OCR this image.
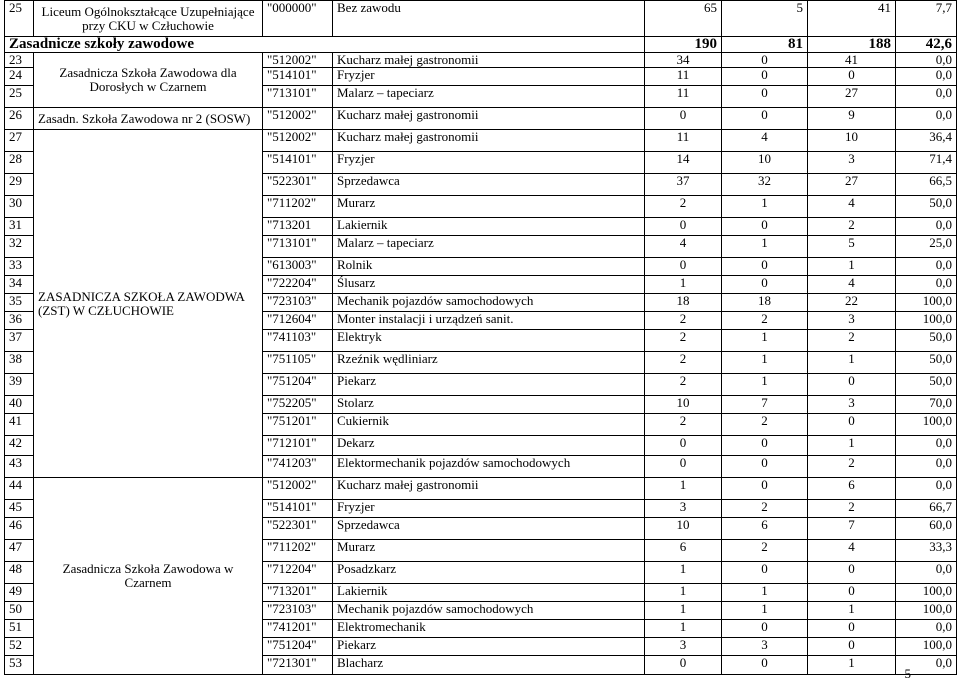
25	Liceum Ogólnokształcące Uzupełniające przy CKU w Człuchowie	"000000"	Bez zawodu	65	5	41	7,7
Zasadnicze szkoły zawodowe				190	81	188	42,6
23	Zasadnicza Szkoła Zawodowa dla Dorosłych w Czarnem	"512002"	Kucharz małej gastronomii	34	0	41	0,0
24		"514101"	Fryzjer	11	0	0	0,0
25		"713101"	Malarz – tapeciarz	11	0	27	0,0
26	Zasadn. Szkoła Zawodowa nr 2 (SOSW)	"512002"	Kucharz małej gastronomii	0	0	9	0,0
27	ZASADNICZA SZKOŁA ZAWODWA (ZST) W CZŁUCHOWIE	"512002"	Kucharz małej gastronomii	11	4	10	36,4
28		"514101"	Fryzjer	14	10	3	71,4
29		"522301"	Sprzedawca	37	32	27	66,5
30		"711202"	Murarz	2	1	4	50,0
31		"713201	Lakiernik	0	0	2	0,0
32		"713101"	Malarz – tapeciarz	4	1	5	25,0
33		"613003"	Rolnik	0	0	1	0,0
34		"722204"	Ślusarz	1	0	4	0,0
35		"723103"	Mechanik pojazdów samochodowych	18	18	22	100,0
36		"712604"	Monter instalacji i urządzeń sanit.	2	2	3	100,0
37		"741103"	Elektryk	2	1	2	50,0
38		"751105"	Rzeźnik wędliniarz	2	1	1	50,0
39		"751204"	Piekarz	2	1	0	50,0
40		"752205"	Stolarz	10	7	3	70,0
41		"751201"	Cukiernik	2	2	0	100,0
42		"712101"	Dekarz	0	0	1	0,0
43		"741203"	Elektormechanik pojazdów samochodowych	0	0	2	0,0
44	Zasadnicza Szkoła Zawodowa w Czarnem	"512002"	Kucharz małej gastronomii	1	0	6	0,0
45		"514101"	Fryzjer	3	2	2	66,7
46		"522301"	Sprzedawca	10	6	7	60,0
47		"711202"	Murarz	6	2	4	33,3
48		"712204"	Posadzkarz	1	0	0	0,0
49		"713201"	Lakiernik	1	1	0	100,0
50		"723103"	Mechanik pojazdów samochodowych	1	1	1	100,0
51		"741201"	Elektromechanik	1	0	0	0,0
52		"751204"	Piekarz	3	3	0	100,0
53		"721301"	Blacharz	0	0	1	0,0
5
